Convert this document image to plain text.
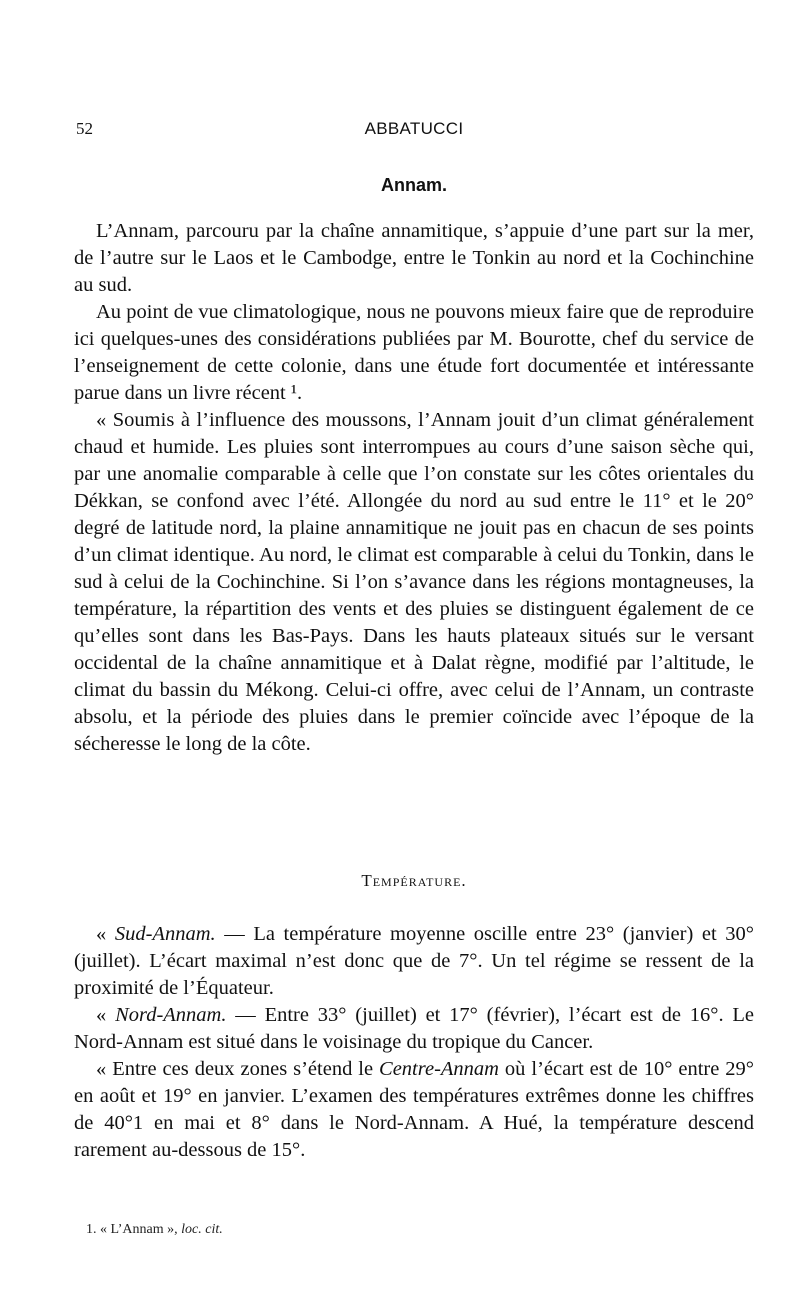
52	ABBATUCCI
Annam.

L’Annam, parcouru par la chaîne annamitique, s’appuie d’une part sur la mer, de l’autre sur le Laos et le Cambodge, entre le Tonkin au nord et la Cochinchine au sud.

Au point de vue climatologique, nous ne pouvons mieux faire que de reproduire ici quelques-unes des considérations publiées par M. Bourotte, chef du service de l’enseignement de cette colonie, dans une étude fort documentée et intéressante parue dans un livre récent ¹.

« Soumis à l’influence des moussons, l’Annam jouit d’un climat généralement chaud et humide. Les pluies sont interrompues au cours d’une saison sèche qui, par une anomalie comparable à celle que l’on constate sur les côtes orientales du Dékkan, se confond avec l’été. Allongée du nord au sud entre le 11° et le 20° degré de latitude nord, la plaine annamitique ne jouit pas en chacun de ses points d’un climat identique. Au nord, le climat est comparable à celui du Tonkin, dans le sud à celui de la Cochinchine. Si l’on s’avance dans les régions montagneuses, la température, la répartition des vents et des pluies se distinguent également de ce qu’elles sont dans les Bas-Pays. Dans les hauts plateaux situés sur le versant occidental de la chaîne annamitique et à Dalat règne, modifié par l’altitude, le climat du bassin du Mékong. Celui-ci offre, avec celui de l’Annam, un contraste absolu, et la période des pluies dans le premier coïncide avec l’époque de la sécheresse le long de la côte.

Température.

« Sud-Annam. — La température moyenne oscille entre 23° (janvier) et 30° (juillet). L’écart maximal n’est donc que de 7°. Un tel régime se ressent de la proximité de l’Équateur.

« Nord-Annam. — Entre 33° (juillet) et 17° (février), l’écart est de 16°. Le Nord-Annam est situé dans le voisinage du tropique du Cancer.

« Entre ces deux zones s’étend le Centre-Annam où l’écart est de 10° entre 29° en août et 19° en janvier. L’examen des températures extrêmes donne les chiffres de 40°1 en mai et 8° dans le Nord-Annam. A Hué, la température descend rarement au-dessous de 15°.

1. « L’Annam », loc. cit.
